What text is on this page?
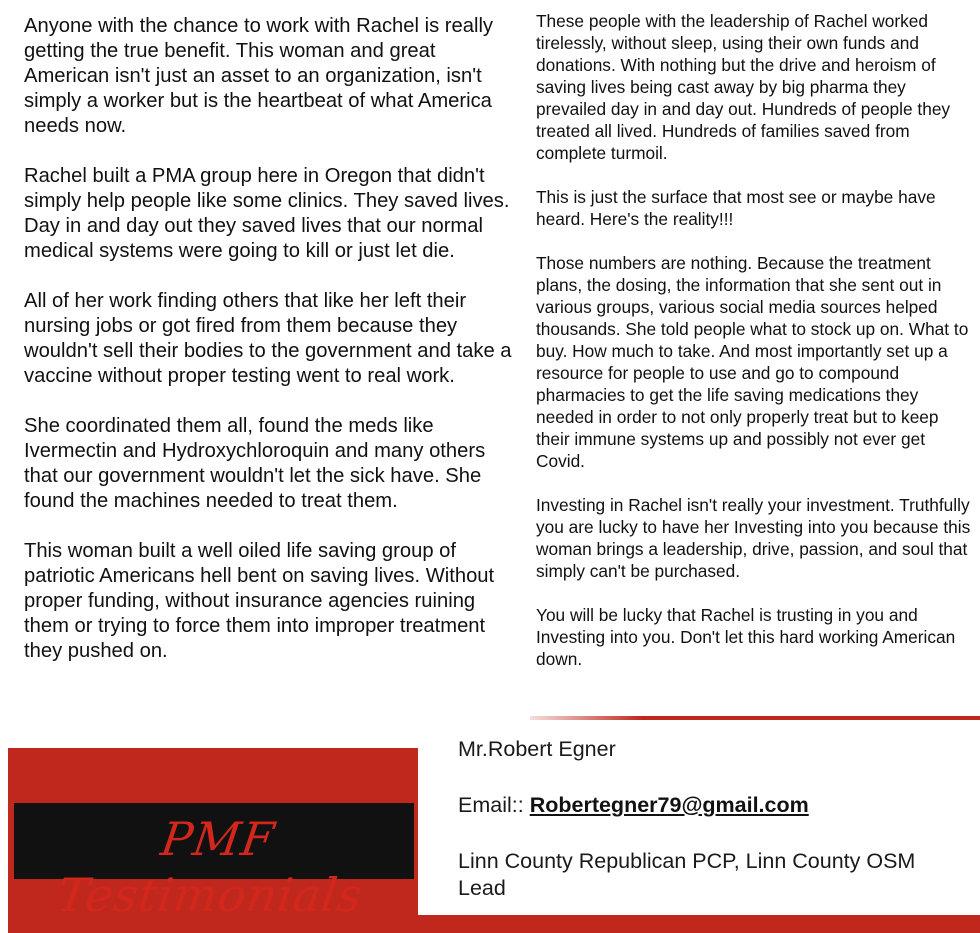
Anyone with the chance to work with Rachel is really getting the true benefit. This woman and great American isn't just an asset to an organization, isn't simply a worker but is the heartbeat of what America needs now.

Rachel built a PMA group here in Oregon that didn't simply help people like some clinics. They saved lives. Day in and day out they saved lives that our normal medical systems were going to kill or just let die.

All of her work finding others that like her left their nursing jobs or got fired from them because they wouldn't sell their bodies to the government and take a vaccine without proper testing went to real work.

She coordinated them all, found the meds like Ivermectin and Hydroxychloroquin and many others that our government wouldn't let the sick have. She found the machines needed to treat them.

This woman built a well oiled life saving group of patriotic Americans hell bent on saving lives. Without proper funding, without insurance agencies ruining them or trying to force them into improper treatment they pushed on.

These people with the leadership of Rachel worked tirelessly, without sleep, using their own funds and donations. With nothing but the drive and heroism of saving lives being cast away by big pharma they prevailed day in and day out. Hundreds of people they treated all lived. Hundreds of families saved from complete turmoil.

This is just the surface that most see or maybe have heard. Here's the reality!!!

Those numbers are nothing. Because the treatment plans, the dosing, the information that she sent out in various groups, various social media sources helped thousands. She told people what to stock up on. What to buy. How much to take. And most importantly set up a resource for people to use and go to compound pharmacies to get the life saving medications they needed in order to not only properly treat but to keep their immune systems up and possibly not ever get Covid.

Investing in Rachel isn't really your investment. Truthfully you are lucky to have her Investing into you because this woman brings a leadership, drive, passion, and soul that simply can't be purchased.

You will be lucky that Rachel is trusting in you and Investing into you. Don't let this hard working American down.

PMF Testimonials
Mr.Robert Egner
Email:: Robertegner79@gmail.com
Linn County Republican PCP, Linn County OSM Lead
